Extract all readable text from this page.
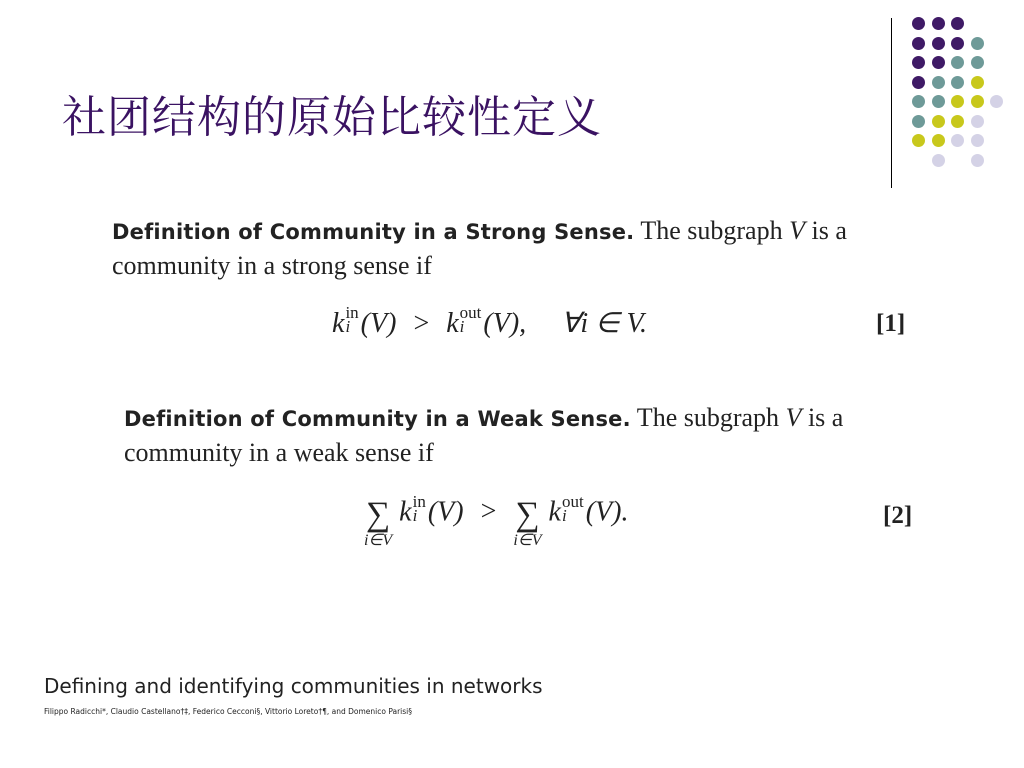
社团结构的原始比较性定义
Definition of Community in a Strong Sense. The subgraph V is a
community in a strong sense if
k in
i (V) > k out
i (V), ∀i ∈ V.	[1]
Definition of Community in a Weak Sense. The subgraph V is a
community in a weak sense if
∑
i∈V
k in
i (V) > ∑
i∈V
k out
i (V).	[2]
Defining and identifying communities in networks
Filippo Radicchi*, Claudio Castellano†‡, Federico Cecconi§, Vittorio Loreto†¶, and Domenico Parisi§
